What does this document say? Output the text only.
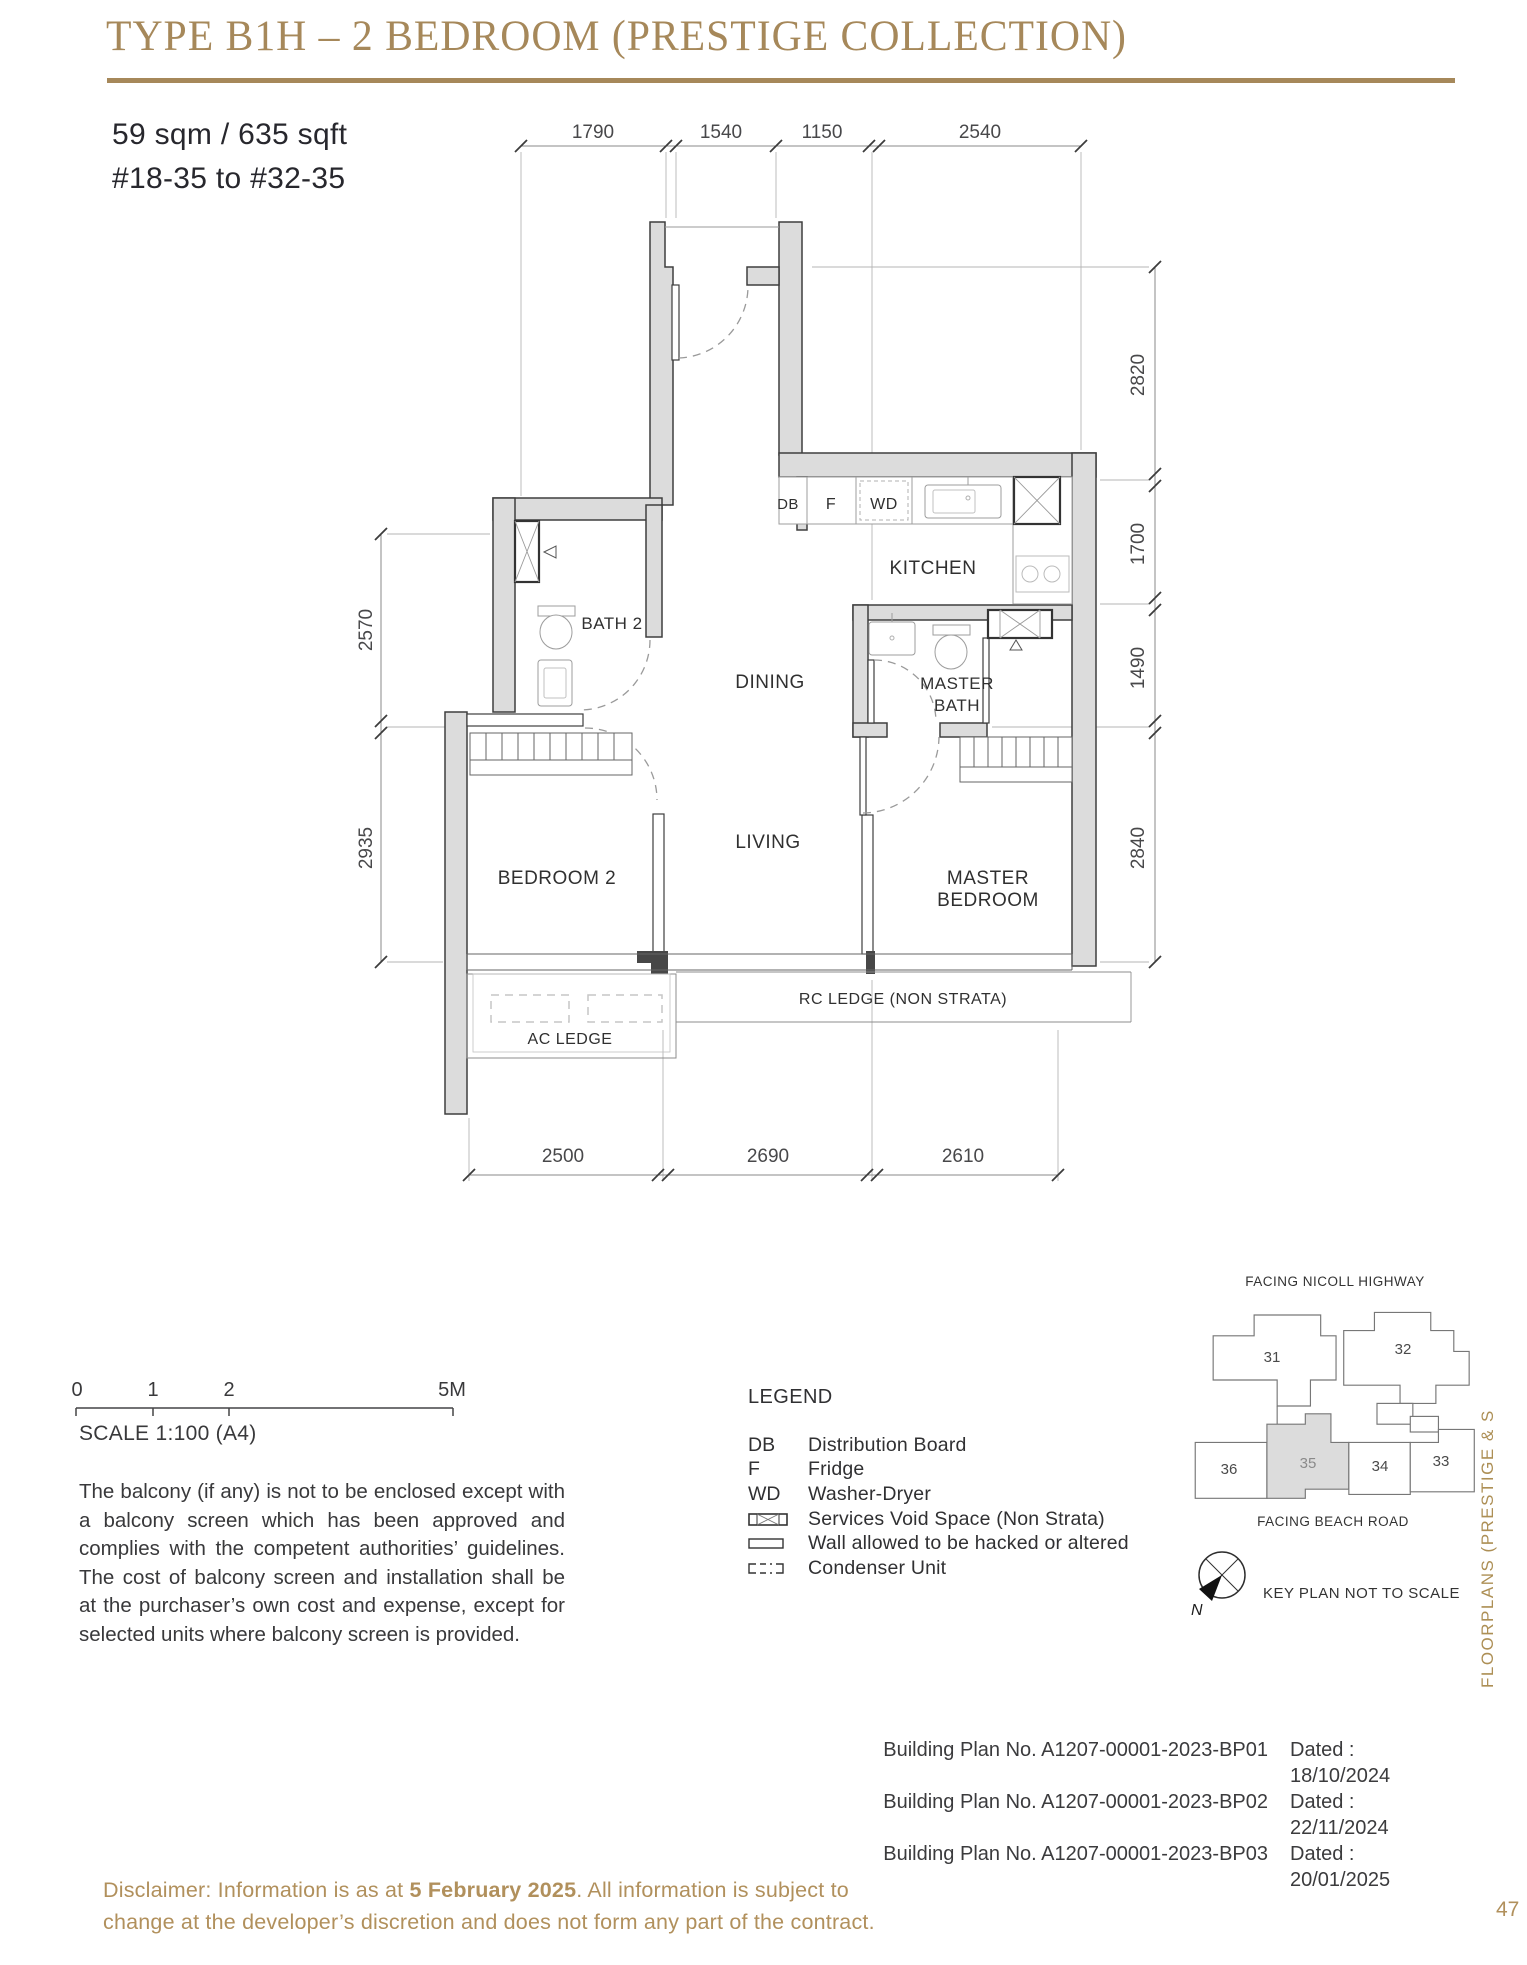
TYPE B1H – 2 BEDROOM (PRESTIGE COLLECTION)
59 sqm / 635 sqft
#18-35 to #32-35
1790	1540	1150	2540
2570
2935
2820
1700
1490
2840
2500	2690	2610
KITCHEN
DINING
LIVING
BATH 2
MASTER
BATH
BEDROOM 2	MASTER
BEDROOM
AC LEDGE
RC LEDGE (NON STRATA)
DB F WD
0	1	2	5M
SCALE 1:100 (A4)
The balcony (if any) is not to be enclosed except with a balcony screen which has been approved and complies with the competent authorities’ guidelines. The cost of balcony screen and installation shall be at the purchaser’s own cost and expense, except for selected units where balcony screen is provided.
LEGEND
DB	Distribution Board
F	Fridge
WD	Washer-Dryer
Services Void Space (Non Strata)
Wall allowed to be hacked or altered
Condenser Unit
FACING NICOLL HIGHWAY
31	32
36	35	34	33
FACING BEACH ROAD
N
KEY PLAN NOT TO SCALE
Building Plan No. A1207-00001-2023-BP01 Dated : 18/10/2024
Building Plan No. A1207-00001-2023-BP02 Dated : 22/11/2024
Building Plan No. A1207-00001-2023-BP03 Dated : 20/01/2025
FLOORPLANS (PRESTIGE & S
Disclaimer: Information is as at 5 February 2025. All information is subject to
change at the developer’s discretion and does not form any part of the contract.
47
